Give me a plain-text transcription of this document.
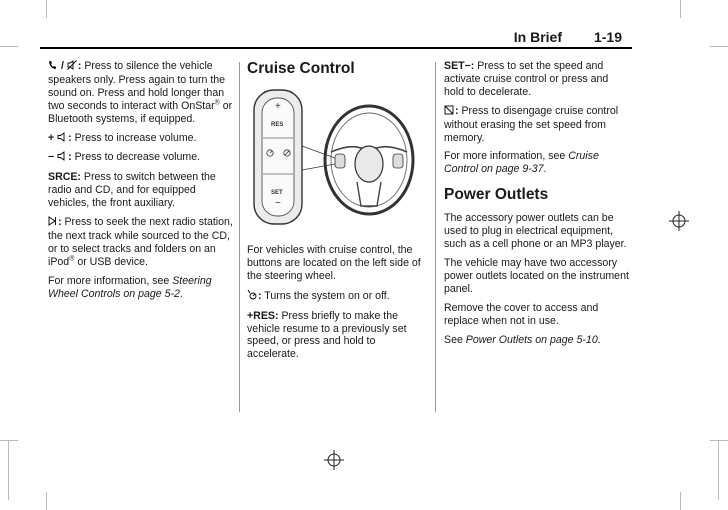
In Brief 1-19

/ : Press to silence the vehicle speakers only. Press again to turn the sound on. Press and hold longer than two seconds to interact with OnStar® or Bluetooth systems, if equipped.

+ : Press to increase volume.

− : Press to decrease volume.

SRCE: Press to switch between the radio and CD, and for equipped vehicles, the front auxiliary.

: Press to seek the next radio station, the next track while sourced to the CD, or to select tracks and folders on an iPod® or USB device.

For more information, see Steering Wheel Controls on page 5-2.

Cruise Control
+
RES
SET
−

For vehicles with cruise control, the buttons are located on the left side of the steering wheel.

: Turns the system on or off.

+RES: Press briefly to make the vehicle resume to a previously set speed, or press and hold to accelerate.

SET−: Press to set the speed and activate cruise control or press and hold to decelerate.

: Press to disengage cruise control without erasing the set speed from memory.

For more information, see Cruise Control on page 9-37.

Power Outlets

The accessory power outlets can be used to plug in electrical equipment, such as a cell phone or an MP3 player.

The vehicle may have two accessory power outlets located on the instrument panel.

Remove the cover to access and replace when not in use.

See Power Outlets on page 5-10.
